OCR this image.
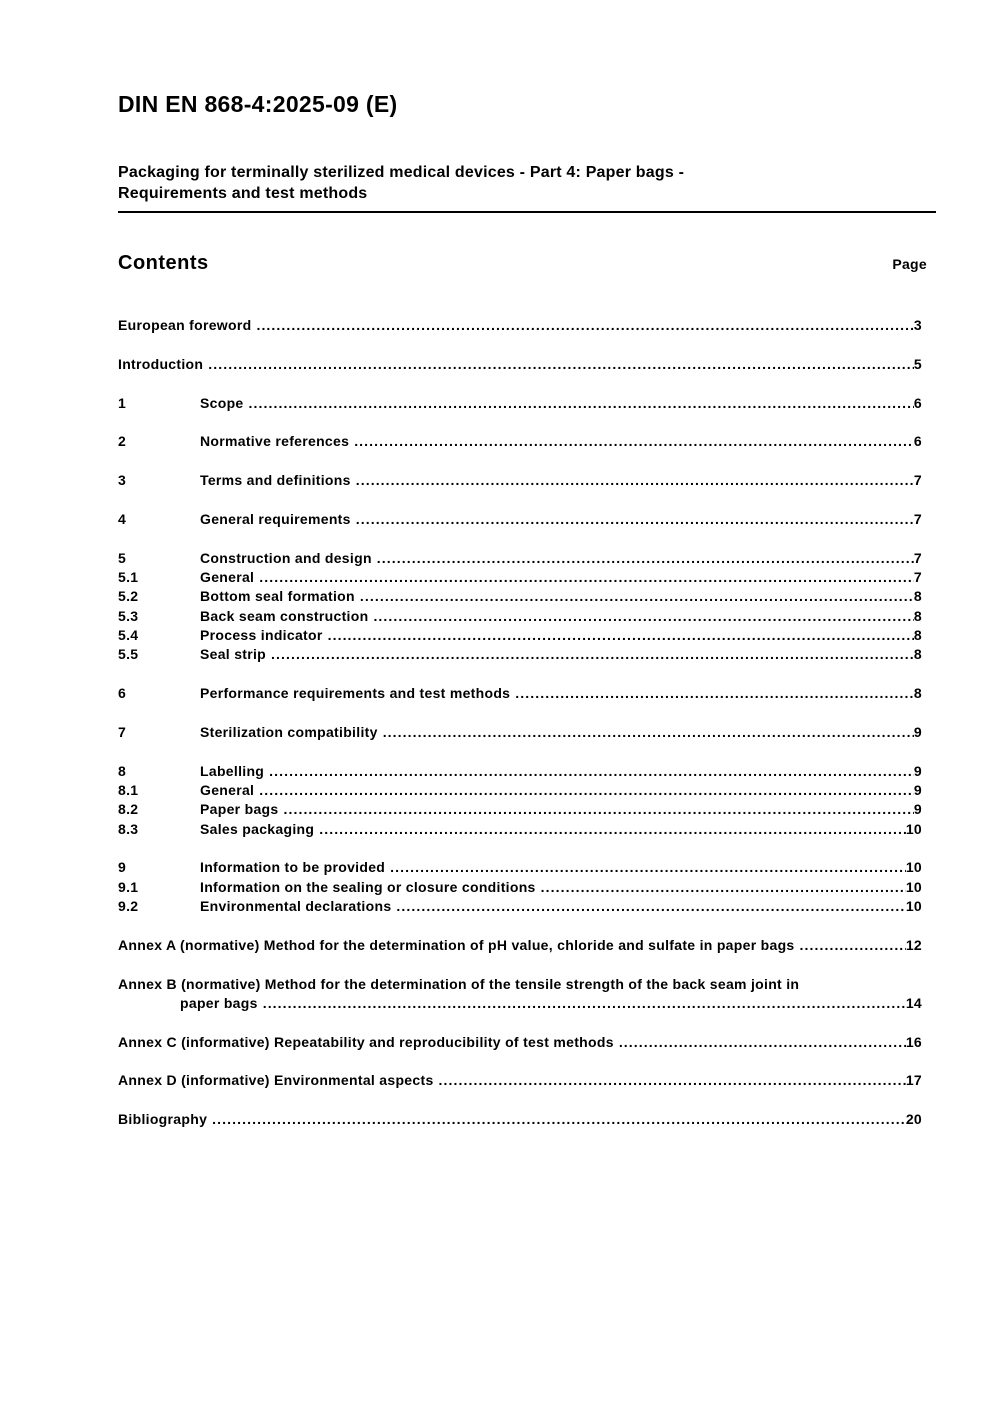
DIN EN 868-4:2025-09 (E)
Packaging for terminally sterilized medical devices - Part 4: Paper bags -
Requirements and test methods
Contents	Page
European foreword .....	3
Introduction .....	5
1	Scope .....	6
2	Normative references .....	6
3	Terms and definitions .....	7
4	General requirements .....	7
5	Construction and design .....	7
5.1	General .....	7
5.2	Bottom seal formation .....	8
5.3	Back seam construction .....	8
5.4	Process indicator .....	8
5.5	Seal strip .....	8
6	Performance requirements and test methods .....	8
7	Sterilization compatibility .....	9
8	Labelling .....	9
8.1	General .....	9
8.2	Paper bags .....	9
8.3	Sales packaging .....	10
9	Information to be provided .....	10
9.1	Information on the sealing or closure conditions .....	10
9.2	Environmental declarations .....	10
Annex A (normative) Method for the determination of pH value, chloride and sulfate in paper bags .....	12
Annex B (normative) Method for the determination of the tensile strength of the back seam joint in
paper bags .....	14
Annex C (informative) Repeatability and reproducibility of test methods .....	16
Annex D (informative) Environmental aspects .....	17
Bibliography .....	20
